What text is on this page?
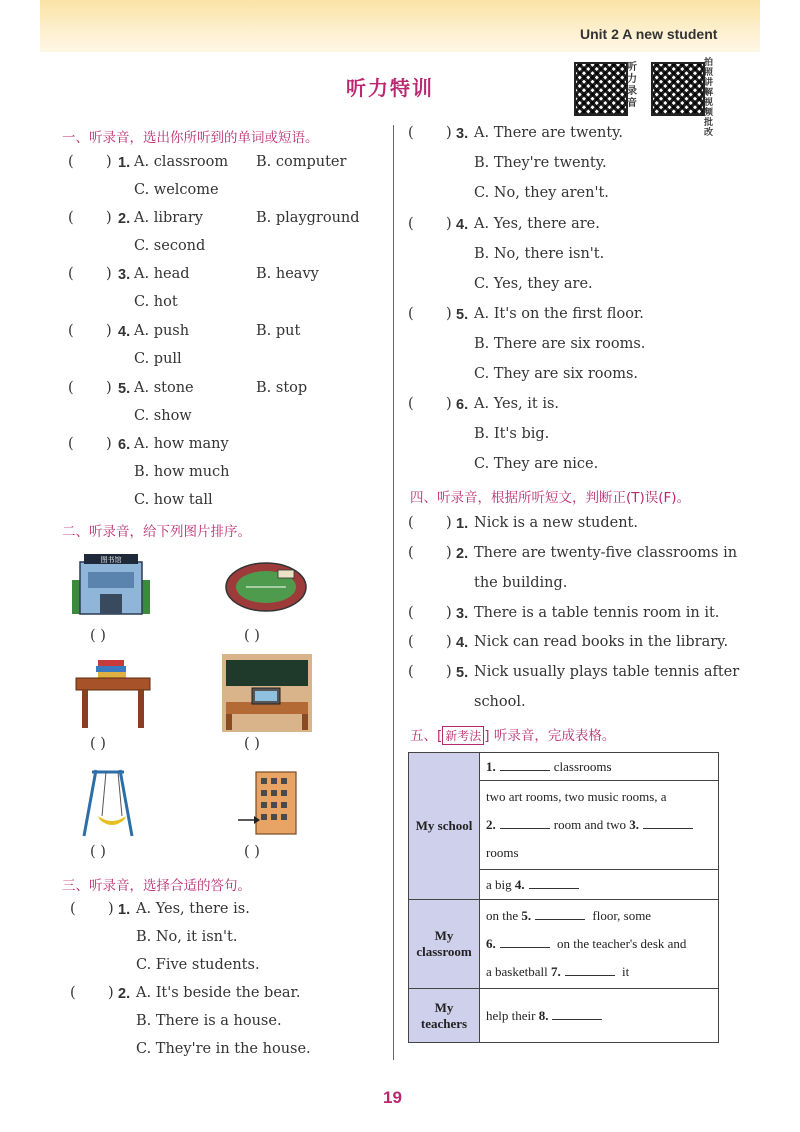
Unit 2 A new student
听力特训
听力录音
拍照讲解视频批改
一、听录音，选出你所听到的单词或短语。
( ) 1. A. classroom B. computer
C. welcome
( ) 2. A. library	B. playground
C. second
( ) 3. A. head	B. heavy
C. hot
( ) 4. A. push	B. put
C. pull
( ) 5. A. stone	B. stop
C. show
( ) 6. A. how many
B. how much
C. how tall
二、听录音，给下列图片排序。
图书馆
( )	( )
( )	( )
( )	( )
三、听录音，选择合适的答句。
( ) 1. A. Yes, there is.
B. No, it isn't.
C. Five students.
( ) 2. A. It's beside the bear.
B. There is a house.
C. They're in the house.
( ) 3. A. There are twenty.
B. They're twenty.
C. No, they aren't.
( ) 4. A. Yes, there are.
B. No, there isn't.
C. Yes, they are.
( ) 5. A. It's on the first floor.
B. There are six rooms.
C. They are six rooms.
( ) 6. A. Yes, it is.
B. It's big.
C. They are nice.
四、听录音，根据所听短文，判断正(T)误(F)。
( ) 1. Nick is a new student.
( ) 2. There are twenty-five classrooms in
the building.
( ) 3. There is a table tennis room in it.
( ) 4. Nick can read books in the library.
( ) 5. Nick usually plays table tennis after
school.
五、[ 新考法 ] 听录音，完成表格。
My school	1. classrooms
	two art rooms, two music rooms, a
2. room and two 3.
rooms
	a big 4.
My classroom	on the 5. floor, some
6. on the teacher's desk and
a basketball 7. it
My teachers	help their 8.
19
